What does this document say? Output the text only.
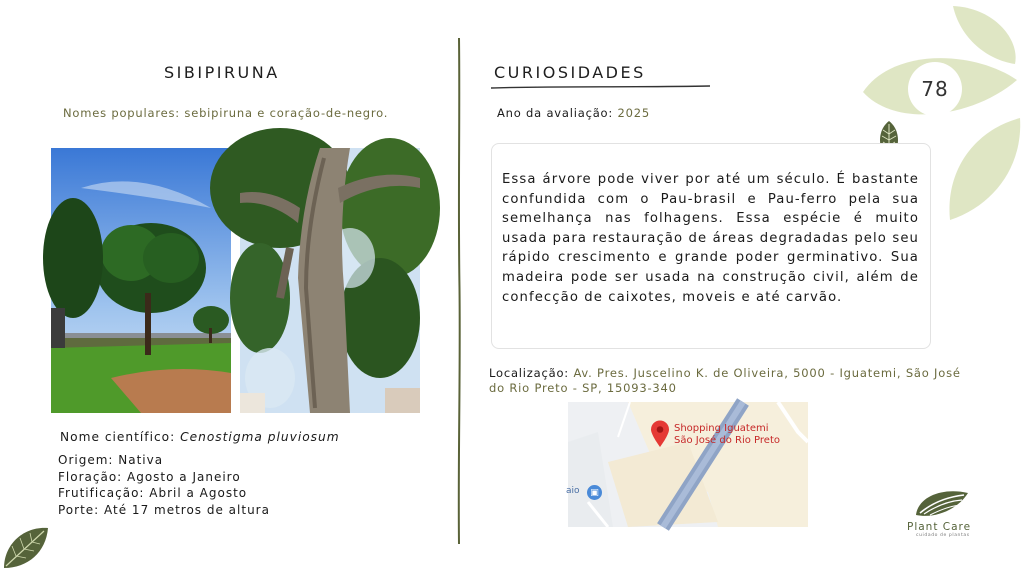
78
SIBIPIRUNA
Nomes populares: sebipiruna e coração-de-negro.
Nome científico: Cenostigma pluviosum
Origem: Nativa
Floração: Agosto a Janeiro
Frutificação: Abril a Agosto
Porte: Até 17 metros de altura
CURIOSIDADES
Ano da avaliação: 2025
Essa árvore pode viver por até um século. É bastante confundida com o Pau-brasil e Pau-ferro pela sua semelhança nas folhagens. Essa espécie é muito usada para restauração de áreas degradadas pelo seu rápido crescimento e grande poder germinativo. Sua madeira pode ser usada na construção civil, além de confecção de caixotes, moveis e até carvão.
Localização: Av. Pres. Juscelino K. de Oliveira, 5000 - Iguatemi, São José do Rio Preto - SP, 15093-340
Shopping Iguatemi
São José do Rio Preto
aio	▣
Plant Care
cuidado de plantas
